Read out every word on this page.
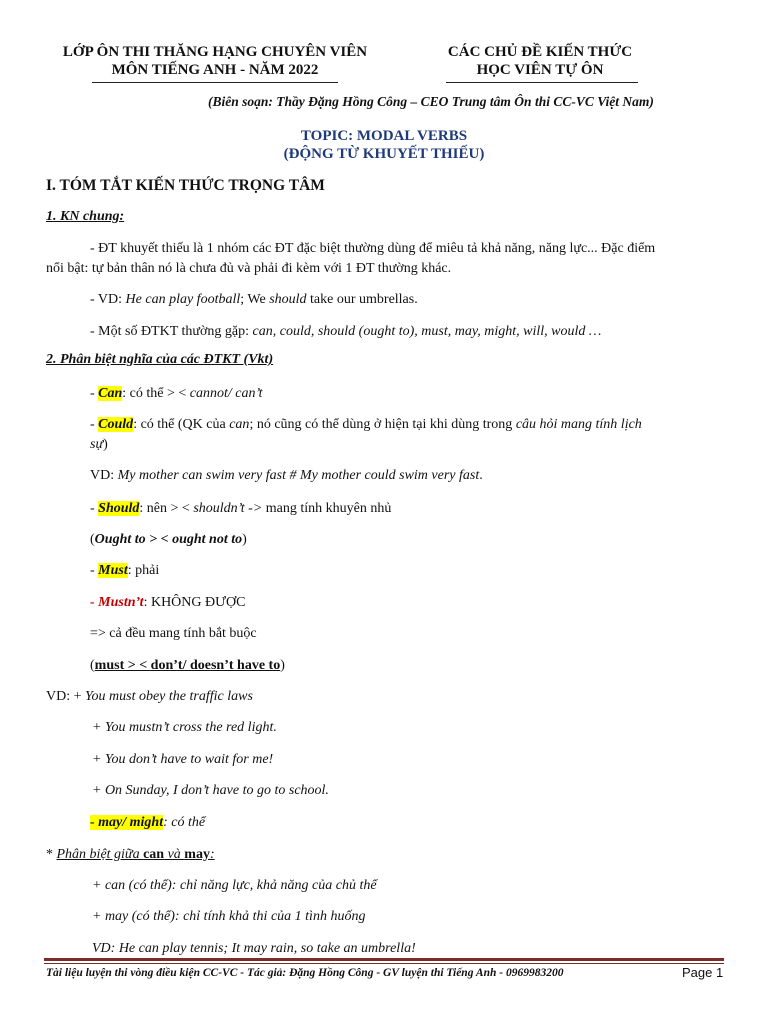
LỚP ÔN THI THĂNG HẠNG CHUYÊN VIÊN
MÔN TIẾNG ANH - NĂM 2022
CÁC CHỦ ĐỀ KIẾN THỨC
HỌC VIÊN TỰ ÔN
(Biên soạn: Thầy Đặng Hồng Công – CEO Trung tâm Ôn thi CC-VC Việt Nam)
TOPIC: MODAL VERBS
(ĐỘNG TỪ KHUYẾT THIẾU)
I. TÓM TẮT KIẾN THỨC TRỌNG TÂM
1. KN chung:
- ĐT khuyết thiếu là 1 nhóm các ĐT đặc biệt thường dùng để miêu tả khả năng, năng lực... Đặc điểm
nổi bật: tự bản thân nó là chưa đủ và phải đi kèm với 1 ĐT thường khác.
- VD: He can play football; We should take our umbrellas.
- Một số ĐTKT thường gặp: can, could, should (ought to), must, may, might, will, would …
2. Phân biệt nghĩa của các ĐTKT (Vkt)
- Can: có thể > < cannot/ can’t
- Could: có thể (QK của can; nó cũng có thể dùng ở hiện tại khi dùng trong câu hỏi mang tính lịch
sự)
VD: My mother can swim very fast # My mother could swim very fast.
- Should: nên > < shouldn’t -> mang tính khuyên nhủ
(Ought to > < ought not to)
- Must: phải
- Mustn’t: KHÔNG ĐƯỢC
=> cả đều mang tính bắt buộc
(must > < don’t/ doesn’t have to)
VD: + You must obey the traffic laws
+ You mustn’t cross the red light.
+ You don’t have to wait for me!
+ On Sunday, I don’t have to go to school.
- may/ might: có thể
* Phân biệt giữa can và may:
+ can (có thể): chỉ năng lực, khả năng của chủ thể
+ may (có thể): chỉ tính khả thi của 1 tình huống
VD: He can play tennis; It may rain, so take an umbrella!
Tài liệu luyện thi vòng điều kiện CC-VC - Tác giả: Đặng Hồng Công - GV luyện thi Tiếng Anh - 0969983200	Page 1
